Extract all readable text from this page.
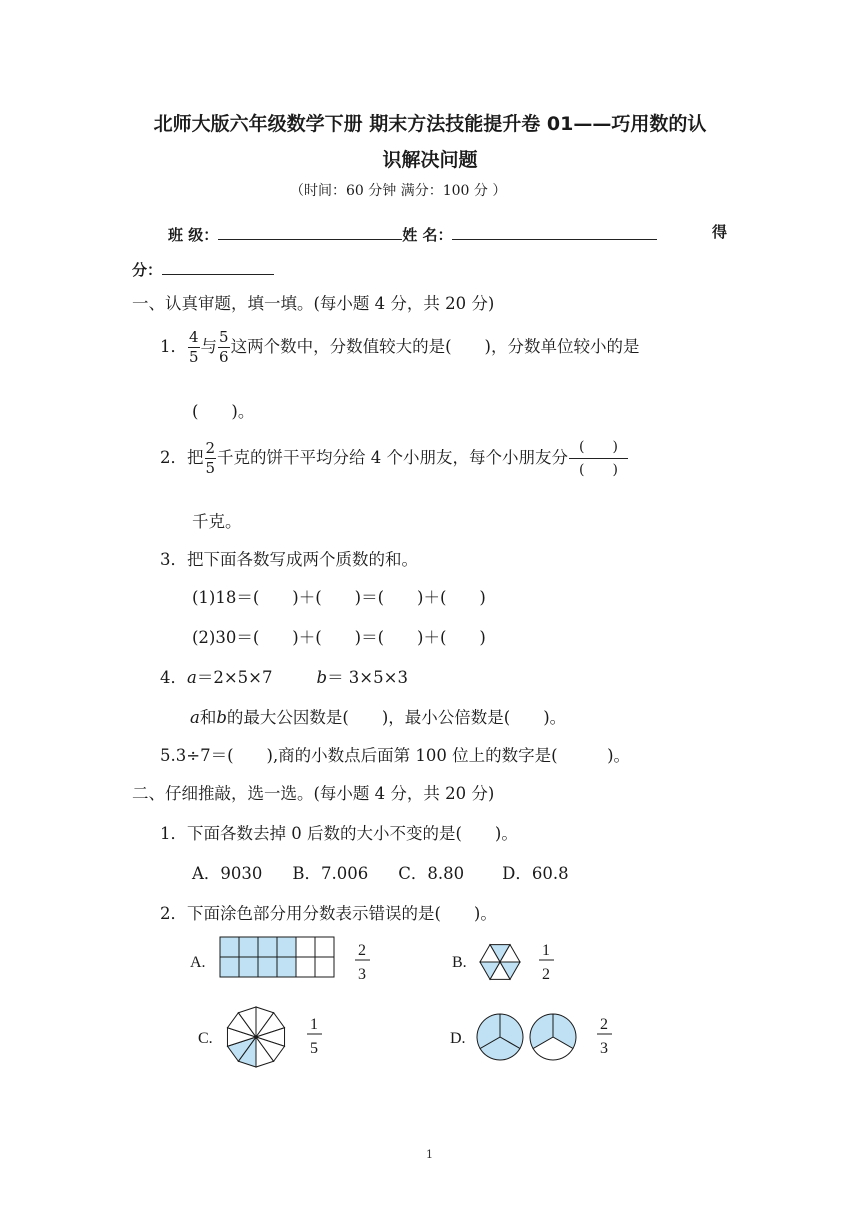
北师大版六年级数学下册 期末方法技能提升卷 01——巧用数的认
识解决问题
（时间：60 分钟 满分：100 分 ）
班 级：	姓 名：	得
分：
一、认真审题，填一填。(每小题 4 分，共 20 分)
1． $\frac{4}{5}$ 与 $\frac{5}{6}$ 这两个数中，分数值较大的是(　　)，分数单位较小的是
(　　)。
2．把 $\frac{2}{5}$ 千克的饼干平均分给 4 个小朋友，每个小朋友分 $\frac{( )}{( )}$
千克。
3．把下面各数写成两个质数的和。
(1)18＝(　　)＋(　　)＝(　　)＋(　　)
(2)30＝(　　)＋(　　)＝(　　)＋(　　)
4．a＝2×5×7	b＝ 3×5×3
a和b的最大公因数是(　　)，最小公倍数是(　　)。
5.3÷7＝(　　),商的小数点后面第 100 位上的数字是(　　　)。
二、仔细推敲，选一选。(每小题 4 分，共 20 分)
1．下面各数去掉 0 后数的大小不变的是(　　)。
A．9030 B．7.006 C．8.80 D．60.8
2．下面涂色部分用分数表示错误的是(　　)。
A.
2
3
B.
1
2
C.
1
5
D.
2
3
1
